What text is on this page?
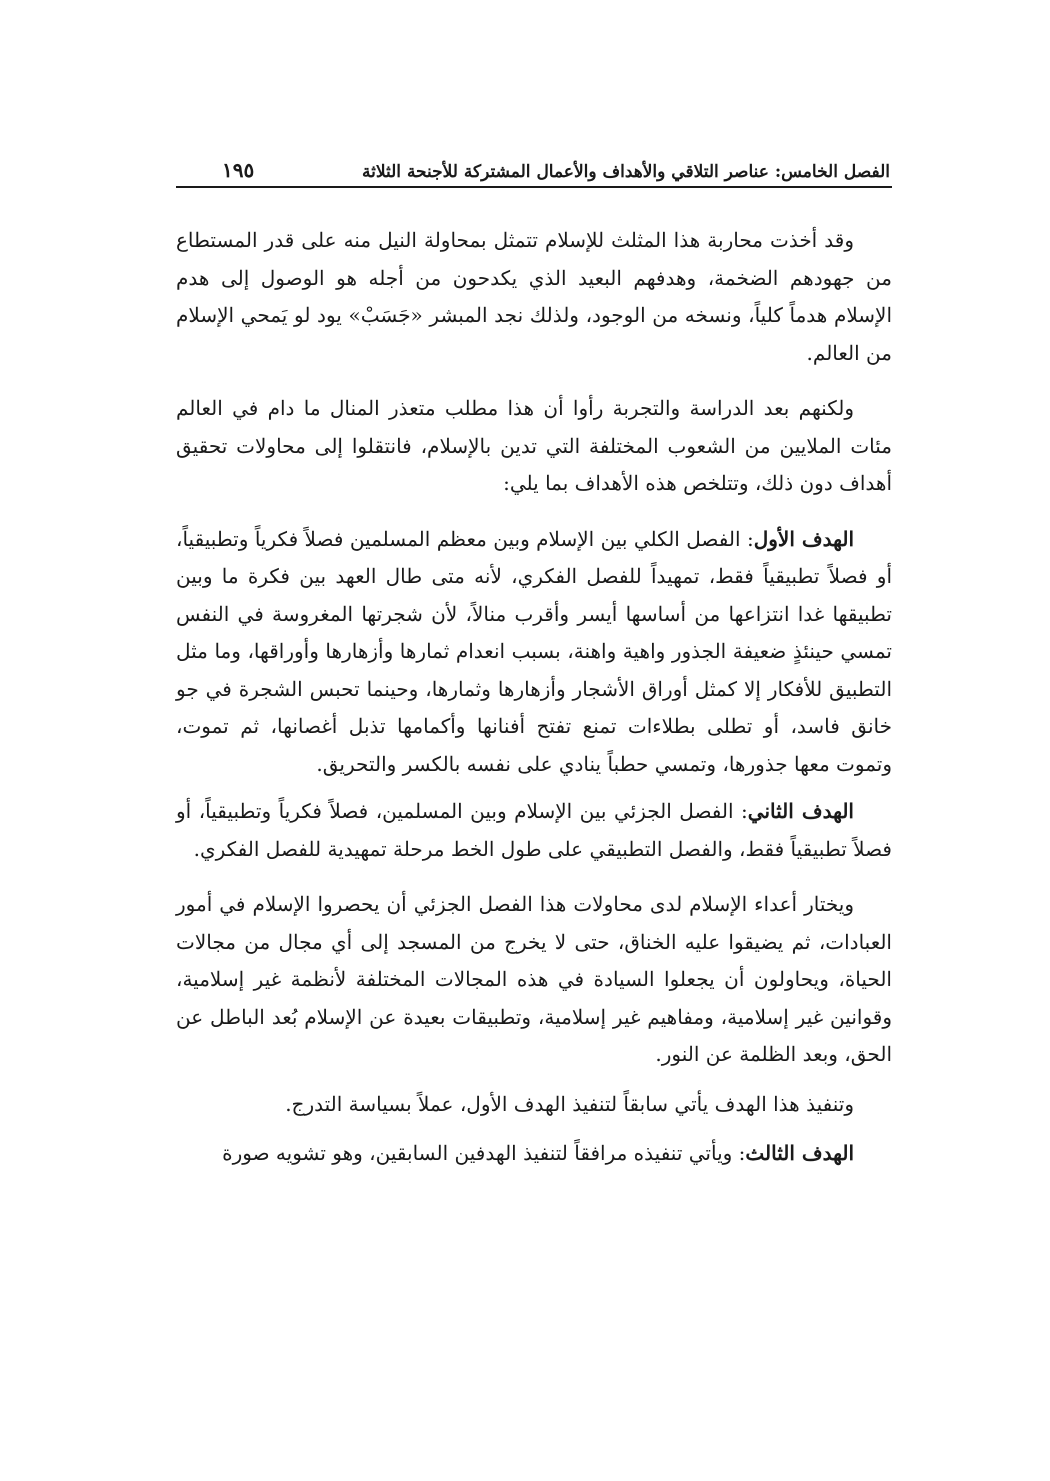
الفصل الخامس: عناصر التلاقي والأهداف والأعمال المشتركة للأجنحة الثلاثة
١٩٥

وقد أخذت محاربة هذا المثلث للإسلام تتمثل بمحاولة النيل منه على قدر المستطاع من جهودهم الضخمة، وهدفهم البعيد الذي يكدحون من أجله هو الوصول إلى هدم الإسلام هدماً كلياً، ونسخه من الوجود، ولذلك نجد المبشر «جَسَبْ» يود لو يَمحي الإسلام من العالم.

ولكنهم بعد الدراسة والتجربة رأوا أن هذا مطلب متعذر المنال ما دام في العالم مئات الملايين من الشعوب المختلفة التي تدين بالإسلام، فانتقلوا إلى محاولات تحقيق أهداف دون ذلك، وتتلخص هذه الأهداف بما يلي:

الهدف الأول: الفصل الكلي بين الإسلام وبين معظم المسلمين فصلاً فكرياً وتطبيقياً، أو فصلاً تطبيقياً فقط، تمهيداً للفصل الفكري، لأنه متى طال العهد بين فكرة ما وبين تطبيقها غدا انتزاعها من أساسها أيسر وأقرب منالاً، لأن شجرتها المغروسة في النفس تمسي حينئذٍ ضعيفة الجذور واهية واهنة، بسبب انعدام ثمارها وأزهارها وأوراقها، وما مثل التطبيق للأفكار إلا كمثل أوراق الأشجار وأزهارها وثمارها، وحينما تحبس الشجرة في جو خانق فاسد، أو تطلى بطلاءات تمنع تفتح أفنانها وأكمامها تذبل أغصانها، ثم تموت، وتموت معها جذورها، وتمسي حطباً ينادي على نفسه بالكسر والتحريق.

الهدف الثاني: الفصل الجزئي بين الإسلام وبين المسلمين، فصلاً فكرياً وتطبيقياً، أو فصلاً تطبيقياً فقط، والفصل التطبيقي على طول الخط مرحلة تمهيدية للفصل الفكري.

ويختار أعداء الإسلام لدى محاولات هذا الفصل الجزئي أن يحصروا الإسلام في أمور العبادات، ثم يضيقوا عليه الخناق، حتى لا يخرج من المسجد إلى أي مجال من مجالات الحياة، ويحاولون أن يجعلوا السيادة في هذه المجالات المختلفة لأنظمة غير إسلامية، وقوانين غير إسلامية، ومفاهيم غير إسلامية، وتطبيقات بعيدة عن الإسلام بُعد الباطل عن الحق، وبعد الظلمة عن النور.

وتنفيذ هذا الهدف يأتي سابقاً لتنفيذ الهدف الأول، عملاً بسياسة التدرج.

الهدف الثالث: ويأتي تنفيذه مرافقاً لتنفيذ الهدفين السابقين، وهو تشويه صورة
